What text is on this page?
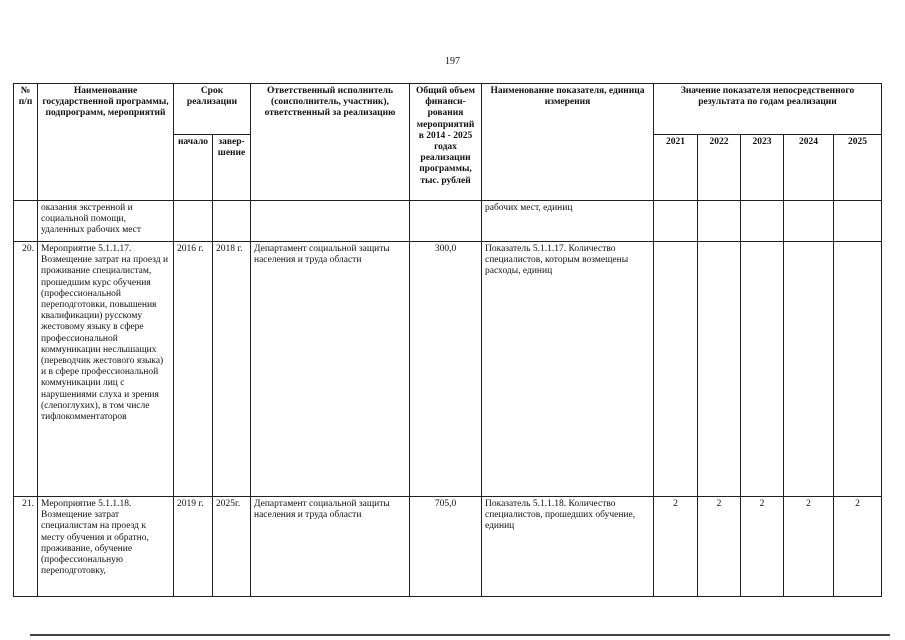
197
№ п/п	Наименование государственной программы, подпрограмм, мероприятий	Срок реализации		Ответственный исполнитель (соисполнитель, участник), ответственный за реализацию	Общий объем финанси-рования мероприятий в 2014 - 2025 годах реализации программы, тыс. рублей	Наименование показателя, единица измерения	Значение показателя непосредственного результата по годам реализации				
		начало	завер-шение				2021	2022	2023	2024	2025
	оказания экстренной и социальной помощи, удаленных рабочих мест					рабочих мест, единиц					
20.	Мероприятие 5.1.1.17. Возмещение затрат на проезд и проживание специалистам, прошедшим курс обучения (профессиональной переподготовки, повышения квалификации) русскому жестовому языку в сфере профессиональной коммуникации неслышащих (переводчик жестового языка) и в сфере профессиональной коммуникации лиц с нарушениями слуха и зрения (слепоглухих), в том числе тифлокомментаторов	2016 г.	2018 г.	Департамент социальной защиты населения и труда области	300,0	Показатель 5.1.1.17. Количество специалистов, которым возмещены расходы, единиц					
21.	Мероприятие 5.1.1.18. Возмещение затрат специалистам на проезд к месту обучения и обратно, проживание, обучение (профессиональную переподготовку,	2019 г.	2025г.	Департамент социальной защиты населения и труда области	705,0	Показатель 5.1.1.18. Количество специалистов, прошедших обучение, единиц	2	2	2	2	2
